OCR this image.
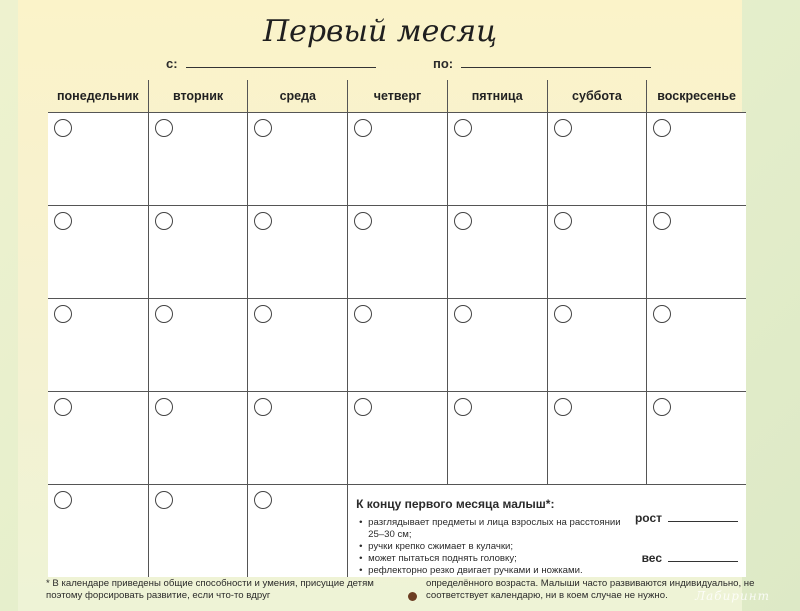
Первый месяц
с:	по:
понедельник	вторник	среда	четверг	пятница	суббота	воскресенье
К концу первого месяца малыш*:
• разглядывает предметы и лица взрослых на расстоянии 25–30 см;
• ручки крепко сжимает в кулачки;
• может пытаться поднять головку;
• рефлекторно резко двигает ручками и ножками.
рост
вес
* В календаре приведены общие способности и умения, присущие детям поэтому форсировать развитие, если что-то вдруг
определённого возраста. Малыши часто развиваются индивидуально, не соответствует календарю, ни в коем случае не нужно.	Лабиринт
